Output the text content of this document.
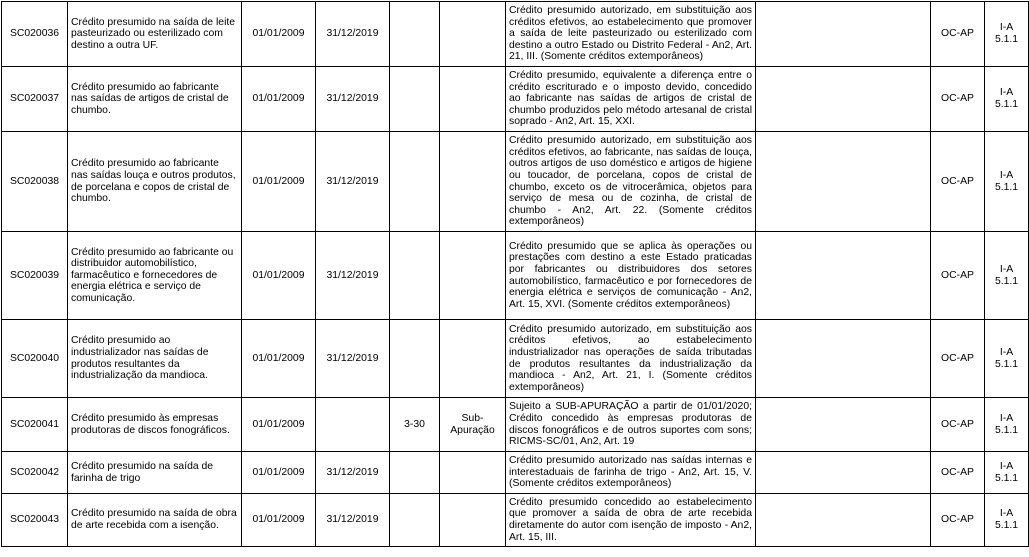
SC020036	Crédito presumido na saída de leite pasteurizado ou esterilizado com destino a outra UF.	01/01/2009	31/12/2019			Crédito presumido autorizado, em substituição aos créditos efetivos, ao estabelecimento que promover a saída de leite pasteurizado ou esterilizado com destino a outro Estado ou Distrito Federal - An2, Art. 21, III. (Somente créditos extemporâneos)		OC-AP	I-A 5.1.1
SC020037	Crédito presumido ao fabricante nas saídas de artigos de cristal de chumbo.	01/01/2009	31/12/2019			Crédito presumido, equivalente a diferença entre o crédito escriturado e o imposto devido, concedido ao fabricante nas saídas de artigos de cristal de chumbo produzidos pelo método artesanal de cristal soprado - An2, Art. 15, XXI.		OC-AP	I-A 5.1.1
SC020038	Crédito presumido ao fabricante nas saídas louça e outros produtos, de porcelana e copos de cristal de chumbo.	01/01/2009	31/12/2019			Crédito presumido autorizado, em substituição aos créditos efetivos, ao fabricante, nas saídas de louça, outros artigos de uso doméstico e artigos de higiene ou toucador, de porcelana, copos de cristal de chumbo, exceto os de vitrocerâmica, objetos para serviço de mesa ou de cozinha, de cristal de chumbo - An2, Art. 22. (Somente créditos extemporâneos)		OC-AP	I-A 5.1.1
SC020039	Crédito presumido ao fabricante ou distribuidor automobilístico, farmacêutico e fornecedores de energia elétrica e serviço de comunicação.	01/01/2009	31/12/2019			Crédito presumido que se aplica às operações ou prestações com destino a este Estado praticadas por fabricantes ou distribuidores dos setores automobilístico, farmacêutico e por fornecedores de energia elétrica e serviços de comunicação - An2, Art. 15, XVI. (Somente créditos extemporâneos)		OC-AP	I-A 5.1.1
SC020040	Crédito presumido ao industrializador nas saídas de produtos resultantes da industrialização da mandioca.	01/01/2009	31/12/2019			Crédito presumido autorizado, em substituição aos créditos efetivos, ao estabelecimento industrializador nas operações de saída tributadas de produtos resultantes da industrialização da mandioca - An2, Art. 21, I. (Somente créditos extemporâneos)		OC-AP	I-A 5.1.1
SC020041	Crédito presumido às empresas produtoras de discos fonográficos.	01/01/2009		3-30	Sub-Apuração	Sujeito a SUB-APURAÇÃO a partir de 01/01/2020; Crédito concedido às empresas produtoras de discos fonográficos e de outros suportes com sons; RICMS-SC/01, An2, Art. 19		OC-AP	I-A 5.1.1
SC020042	Crédito presumido na saída de farinha de trigo	01/01/2009	31/12/2019			Crédito presumido autorizado nas saídas internas e interestaduais de farinha de trigo - An2, Art. 15, V. (Somente créditos extemporâneos)		OC-AP	I-A 5.1.1
SC020043	Crédito presumido na saída de obra de arte recebida com a isenção.	01/01/2009	31/12/2019			Crédito presumido concedido ao estabelecimento que promover a saída de obra de arte recebida diretamente do autor com isenção de imposto - An2, Art. 15, III.		OC-AP	I-A 5.1.1
